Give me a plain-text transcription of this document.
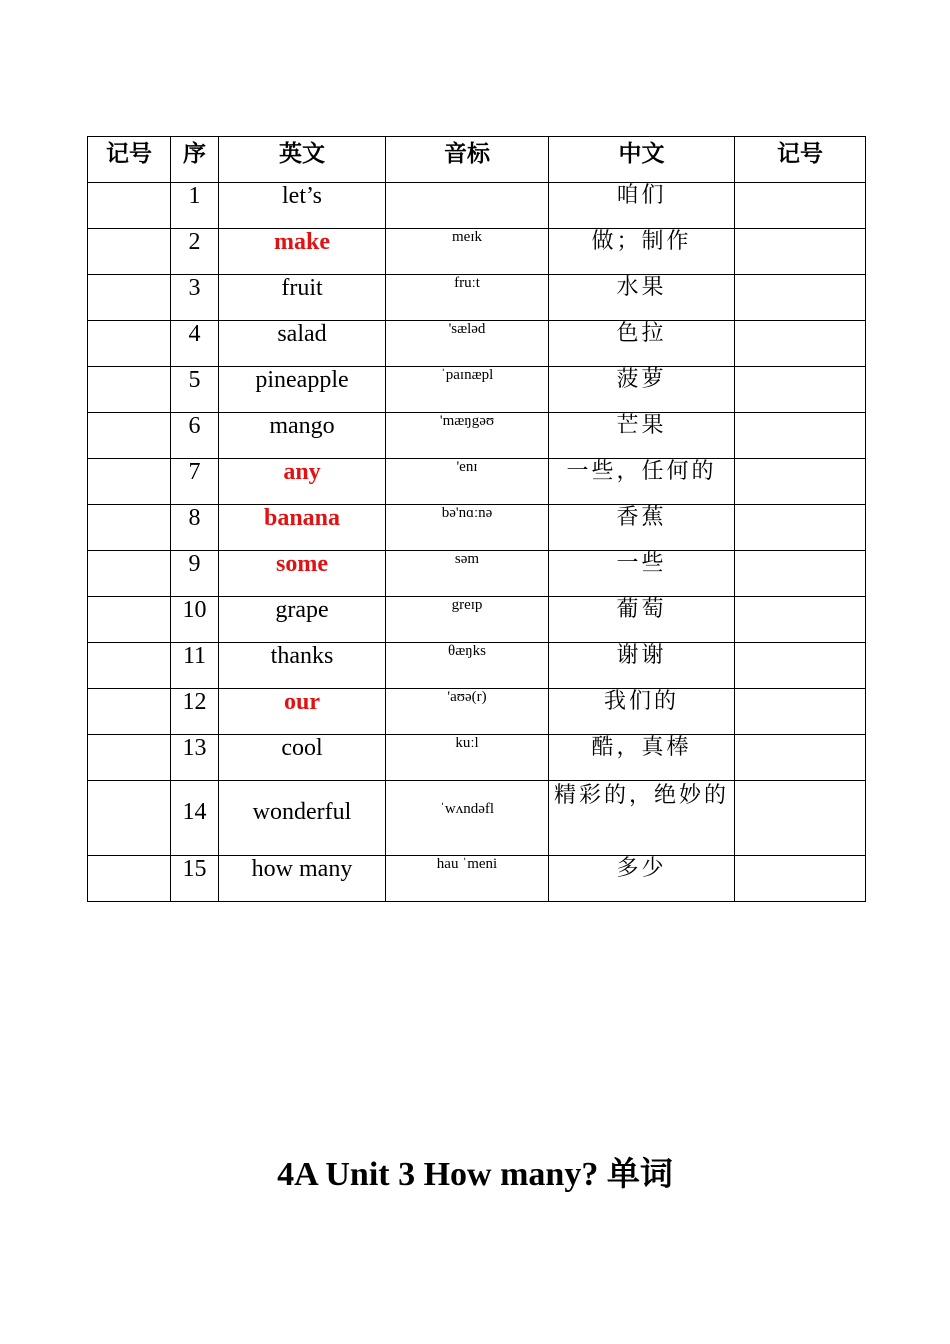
记号	序	英文	音标	中文	记号
	1	let’s		咱们	
	2	make	meɪk	做；制作	
	3	fruit	fruːt	水果	
	4	salad	'sæləd	色拉	
	5	pineapple	ˈpaɪnæpl	菠萝	
	6	mango	'mæŋgəʊ	芒果	
	7	any	'enɪ	一些，任何的	
	8	banana	bə'nɑːnə	香蕉	
	9	some	səm	一些	
	10	grape	greɪp	葡萄	
	11	thanks	θæŋks	谢谢	
	12	our	'aʊə(r)	我们的	
	13	cool	kuːl	酷，真棒	
	14	wonderful	ˈwʌndəfl	精彩的，绝妙的	
	15	how many	hau ˈmeni	多少	
4A Unit 3 How many? 单词
